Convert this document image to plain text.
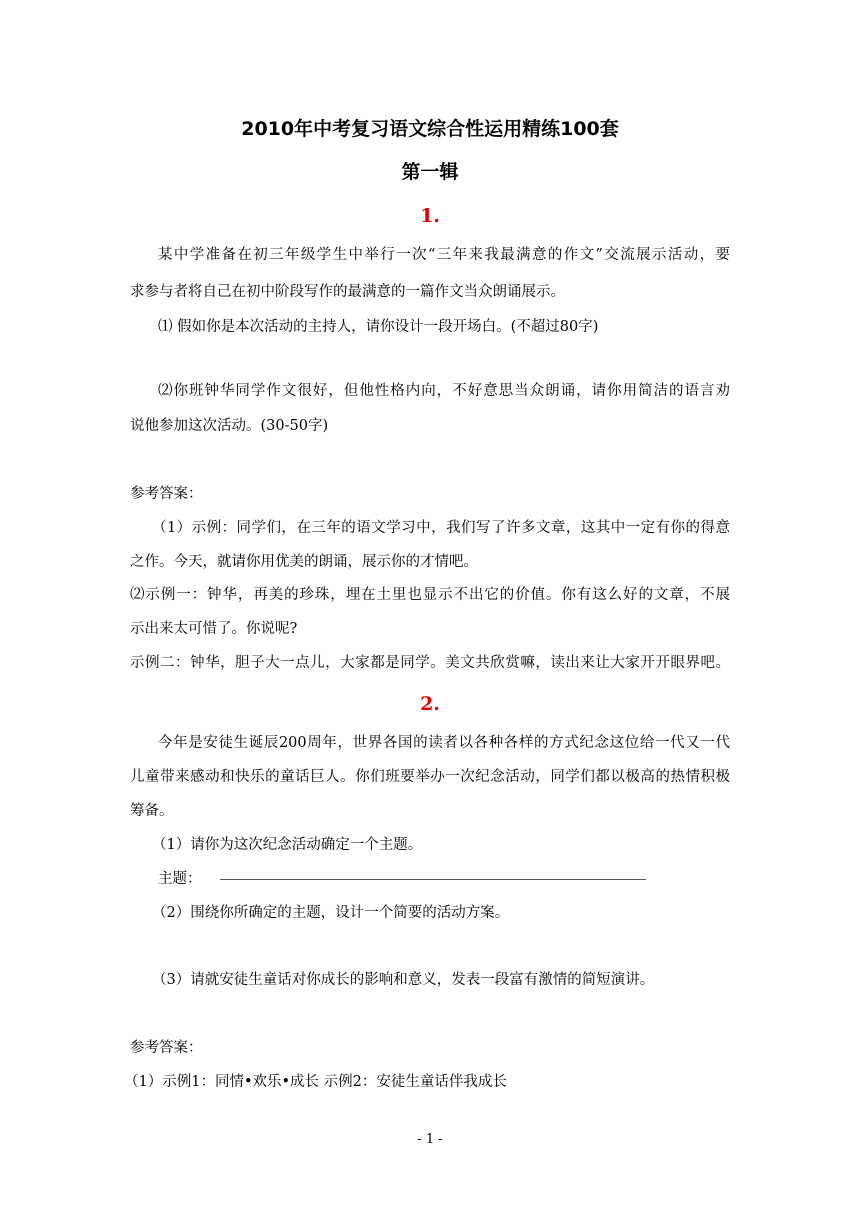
2010年中考复习语文综合性运用精练100套
第一辑
1.
某中学准备在初三年级学生中举行一次“三年来我最满意的作文”交流展示活动，要
求参与者将自己在初中阶段写作的最满意的一篇作文当众朗诵展示。
⑴ 假如你是本次活动的主持人，请你设计一段开场白。(不超过80字)
⑵你班钟华同学作文很好，但他性格内向，不好意思当众朗诵，请你用简洁的语言劝
说他参加这次活动。(30-50字)
参考答案：
（1）示例：同学们，在三年的语文学习中，我们写了许多文章，这其中一定有你的得意
之作。今天，就请你用优美的朗诵，展示你的才情吧。
⑵示例一：钟华，再美的珍珠，埋在土里也显示不出它的价值。你有这么好的文章，不展
示出来太可惜了。你说呢?
示例二：钟华，胆子大一点儿，大家都是同学。美文共欣赏嘛，读出来让大家开开眼界吧。
2.
今年是安徒生诞辰200周年，世界各国的读者以各种各样的方式纪念这位给一代又一代
儿童带来感动和快乐的童话巨人。你们班要举办一次纪念活动，同学们都以极高的热情积极
筹备。
（1）请你为这次纪念活动确定一个主题。
主题：
（2）围绕你所确定的主题，设计一个简要的活动方案。
（3）请就安徒生童话对你成长的影响和意义，发表一段富有激情的简短演讲。
参考答案：
（1）示例1：同情•欢乐•成长 示例2：安徒生童话伴我成长
- 1 -
